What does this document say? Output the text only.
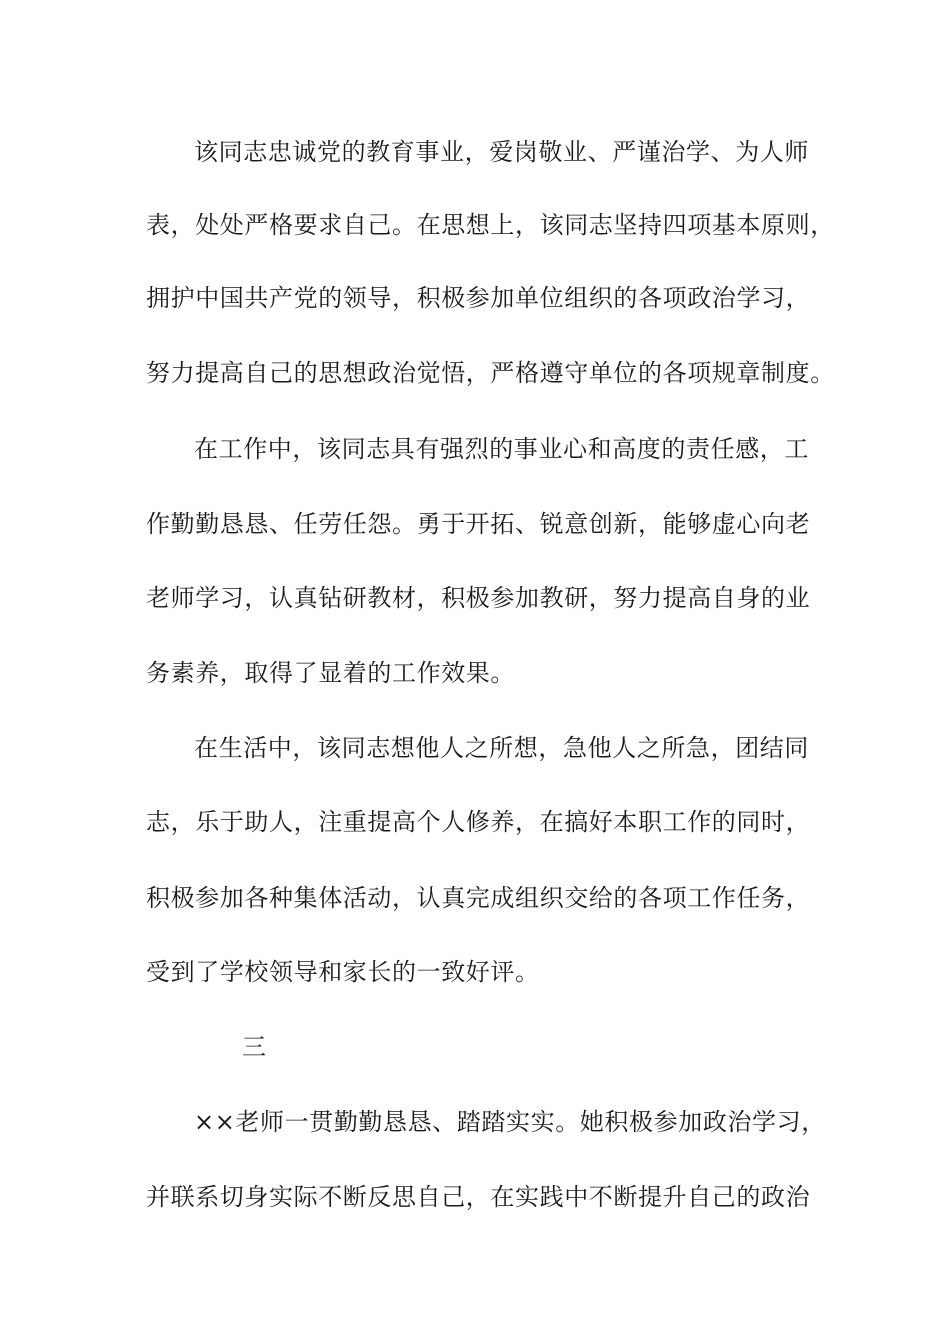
该同志忠诚党的教育事业，爱岗敬业、严谨治学、为人师
表，处处严格要求自己。在思想上，该同志坚持四项基本原则，
拥护中国共产党的领导，积极参加单位组织的各项政治学习，
努力提高自己的思想政治觉悟，严格遵守单位的各项规章制度。
在工作中，该同志具有强烈的事业心和高度的责任感，工
作勤勤恳恳、任劳任怨。勇于开拓、锐意创新，能够虚心向老
老师学习，认真钻研教材，积极参加教研，努力提高自身的业
务素养，取得了显着的工作效果。
在生活中，该同志想他人之所想，急他人之所急，团结同
志，乐于助人，注重提高个人修养，在搞好本职工作的同时，
积极参加各种集体活动，认真完成组织交给的各项工作任务，
受到了学校领导和家长的一致好评。
三
××老师一贯勤勤恳恳、踏踏实实。她积极参加政治学习，
并联系切身实际不断反思自己，在实践中不断提升自己的政治
